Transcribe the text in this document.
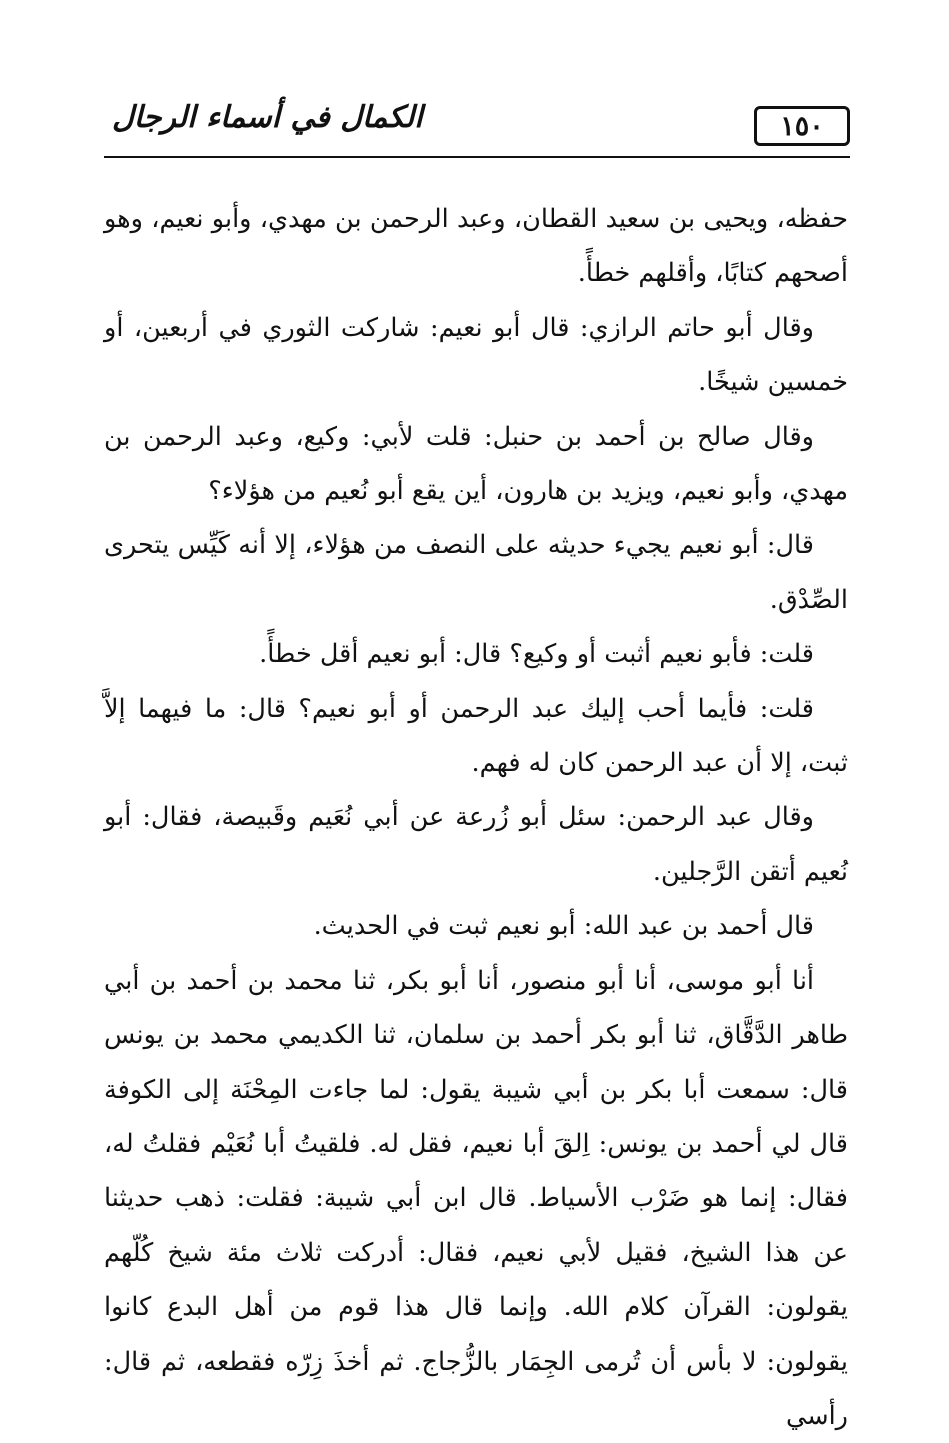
١٥٠
الكمال في أسماء الرجال

حفظه، ويحيى بن سعيد القطان، وعبد الرحمن بن مهدي، وأبو نعيم، وهو أصحهم كتابًا، وأقلهم خطأً.

وقال أبو حاتم الرازي: قال أبو نعيم: شاركت الثوري في أربعين، أو خمسين شيخًا.

وقال صالح بن أحمد بن حنبل: قلت لأبي: وكيع، وعبد الرحمن بن مهدي، وأبو نعيم، ويزيد بن هارون، أين يقع أبو نُعيم من هؤلاء؟

قال: أبو نعيم يجيء حديثه على النصف من هؤلاء، إلا أنه كَيِّس يتحرى الصِّدْق.

قلت: فأبو نعيم أثبت أو وكيع؟ قال: أبو نعيم أقل خطأً.

قلت: فأيما أحب إليك عبد الرحمن أو أبو نعيم؟ قال: ما فيهما إلاَّ ثبت، إلا أن عبد الرحمن كان له فهم.

وقال عبد الرحمن: سئل أبو زُرعة عن أبي نُعَيم وقَبيصة، فقال: أبو نُعيم أتقن الرَّجلين.

قال أحمد بن عبد الله: أبو نعيم ثبت في الحديث.

أنا أبو موسى، أنا أبو منصور، أنا أبو بكر، ثنا محمد بن أحمد بن أبي طاهر الدَّقَّاق، ثنا أبو بكر أحمد بن سلمان، ثنا الكديمي محمد بن يونس قال: سمعت أبا بكر بن أبي شيبة يقول: لما جاءت المِحْنَة إلى الكوفة قال لي أحمد بن يونس: اِلقَ أبا نعيم، فقل له. فلقيتُ أبا نُعَيْم فقلتُ له، فقال: إنما هو ضَرْب الأسياط. قال ابن أبي شيبة: فقلت: ذهب حديثنا عن هذا الشيخ، فقيل لأبي نعيم، فقال: أدركت ثلاث مئة شيخ كُلّهم يقولون: القرآن كلام الله. وإنما قال هذا قوم من أهل البدع كانوا يقولون: لا بأس أن تُرمى الجِمَار بالزُّجاج. ثم أخذَ زِرّه فقطعه، ثم قال: رأسي
